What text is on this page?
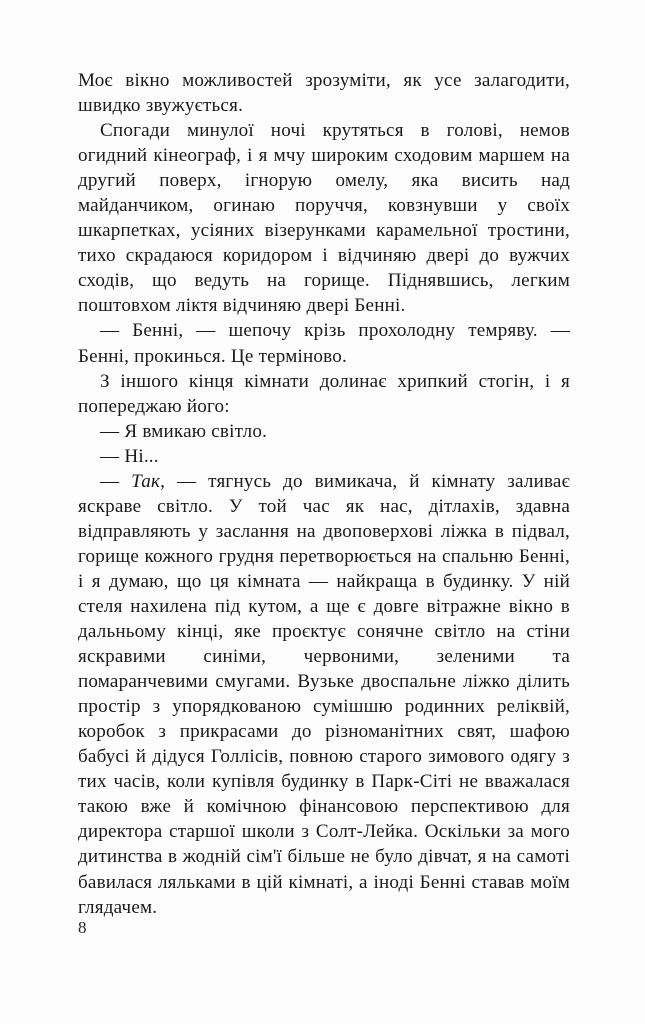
Моє вікно можливостей зрозуміти, як усе залагодити, швидко звужується.

Спогади минулої ночі крутяться в голові, немов огидний кінеограф, і я мчу широким сходовим маршем на другий поверх, ігнорую омелу, яка висить над майданчиком, огинаю поруччя, ковзнувши у своїх шкарпетках, усіяних візерунками карамельної тростини, тихо скрадаюся коридором і відчиняю двері до вужчих сходів, що ведуть на горище. Піднявшись, легким поштовхом ліктя відчиняю двері Бенні.

— Бенні, — шепочу крізь прохолодну темряву. — Бенні, прокинься. Це терміново.

З іншого кінця кімнати долинає хрипкий стогін, і я попереджаю його:

— Я вмикаю світло.

— Ні...

— Так, — тягнусь до вимикача, й кімнату заливає яскраве світло. У той час як нас, дітлахів, здавна відправляють у заслання на двоповерхові ліжка в підвал, горище кожного грудня перетворюється на спальню Бенні, і я думаю, що ця кімната — найкраща в будинку. У ній стеля нахилена під кутом, а ще є довге вітражне вікно в дальньому кінці, яке проєктує сонячне світло на стіни яскравими синіми, червоними, зеленими та помаранчевими смугами. Вузьке двоспальне ліжко ділить простір з упорядкованою сумішшю родинних реліквій, коробок з прикрасами до різноманітних свят, шафою бабусі й дідуся Голлісів, повною старого зимового одягу з тих часів, коли купівля будинку в Парк-Сіті не вважалася такою вже й комічною фінансовою перспективою для директора старшої школи з Солт-Лейка. Оскільки за мого дитинства в жодній сім'ї більше не було дівчат, я на самоті бавилася ляльками в цій кімнаті, а іноді Бенні ставав моїм глядачем.

8
